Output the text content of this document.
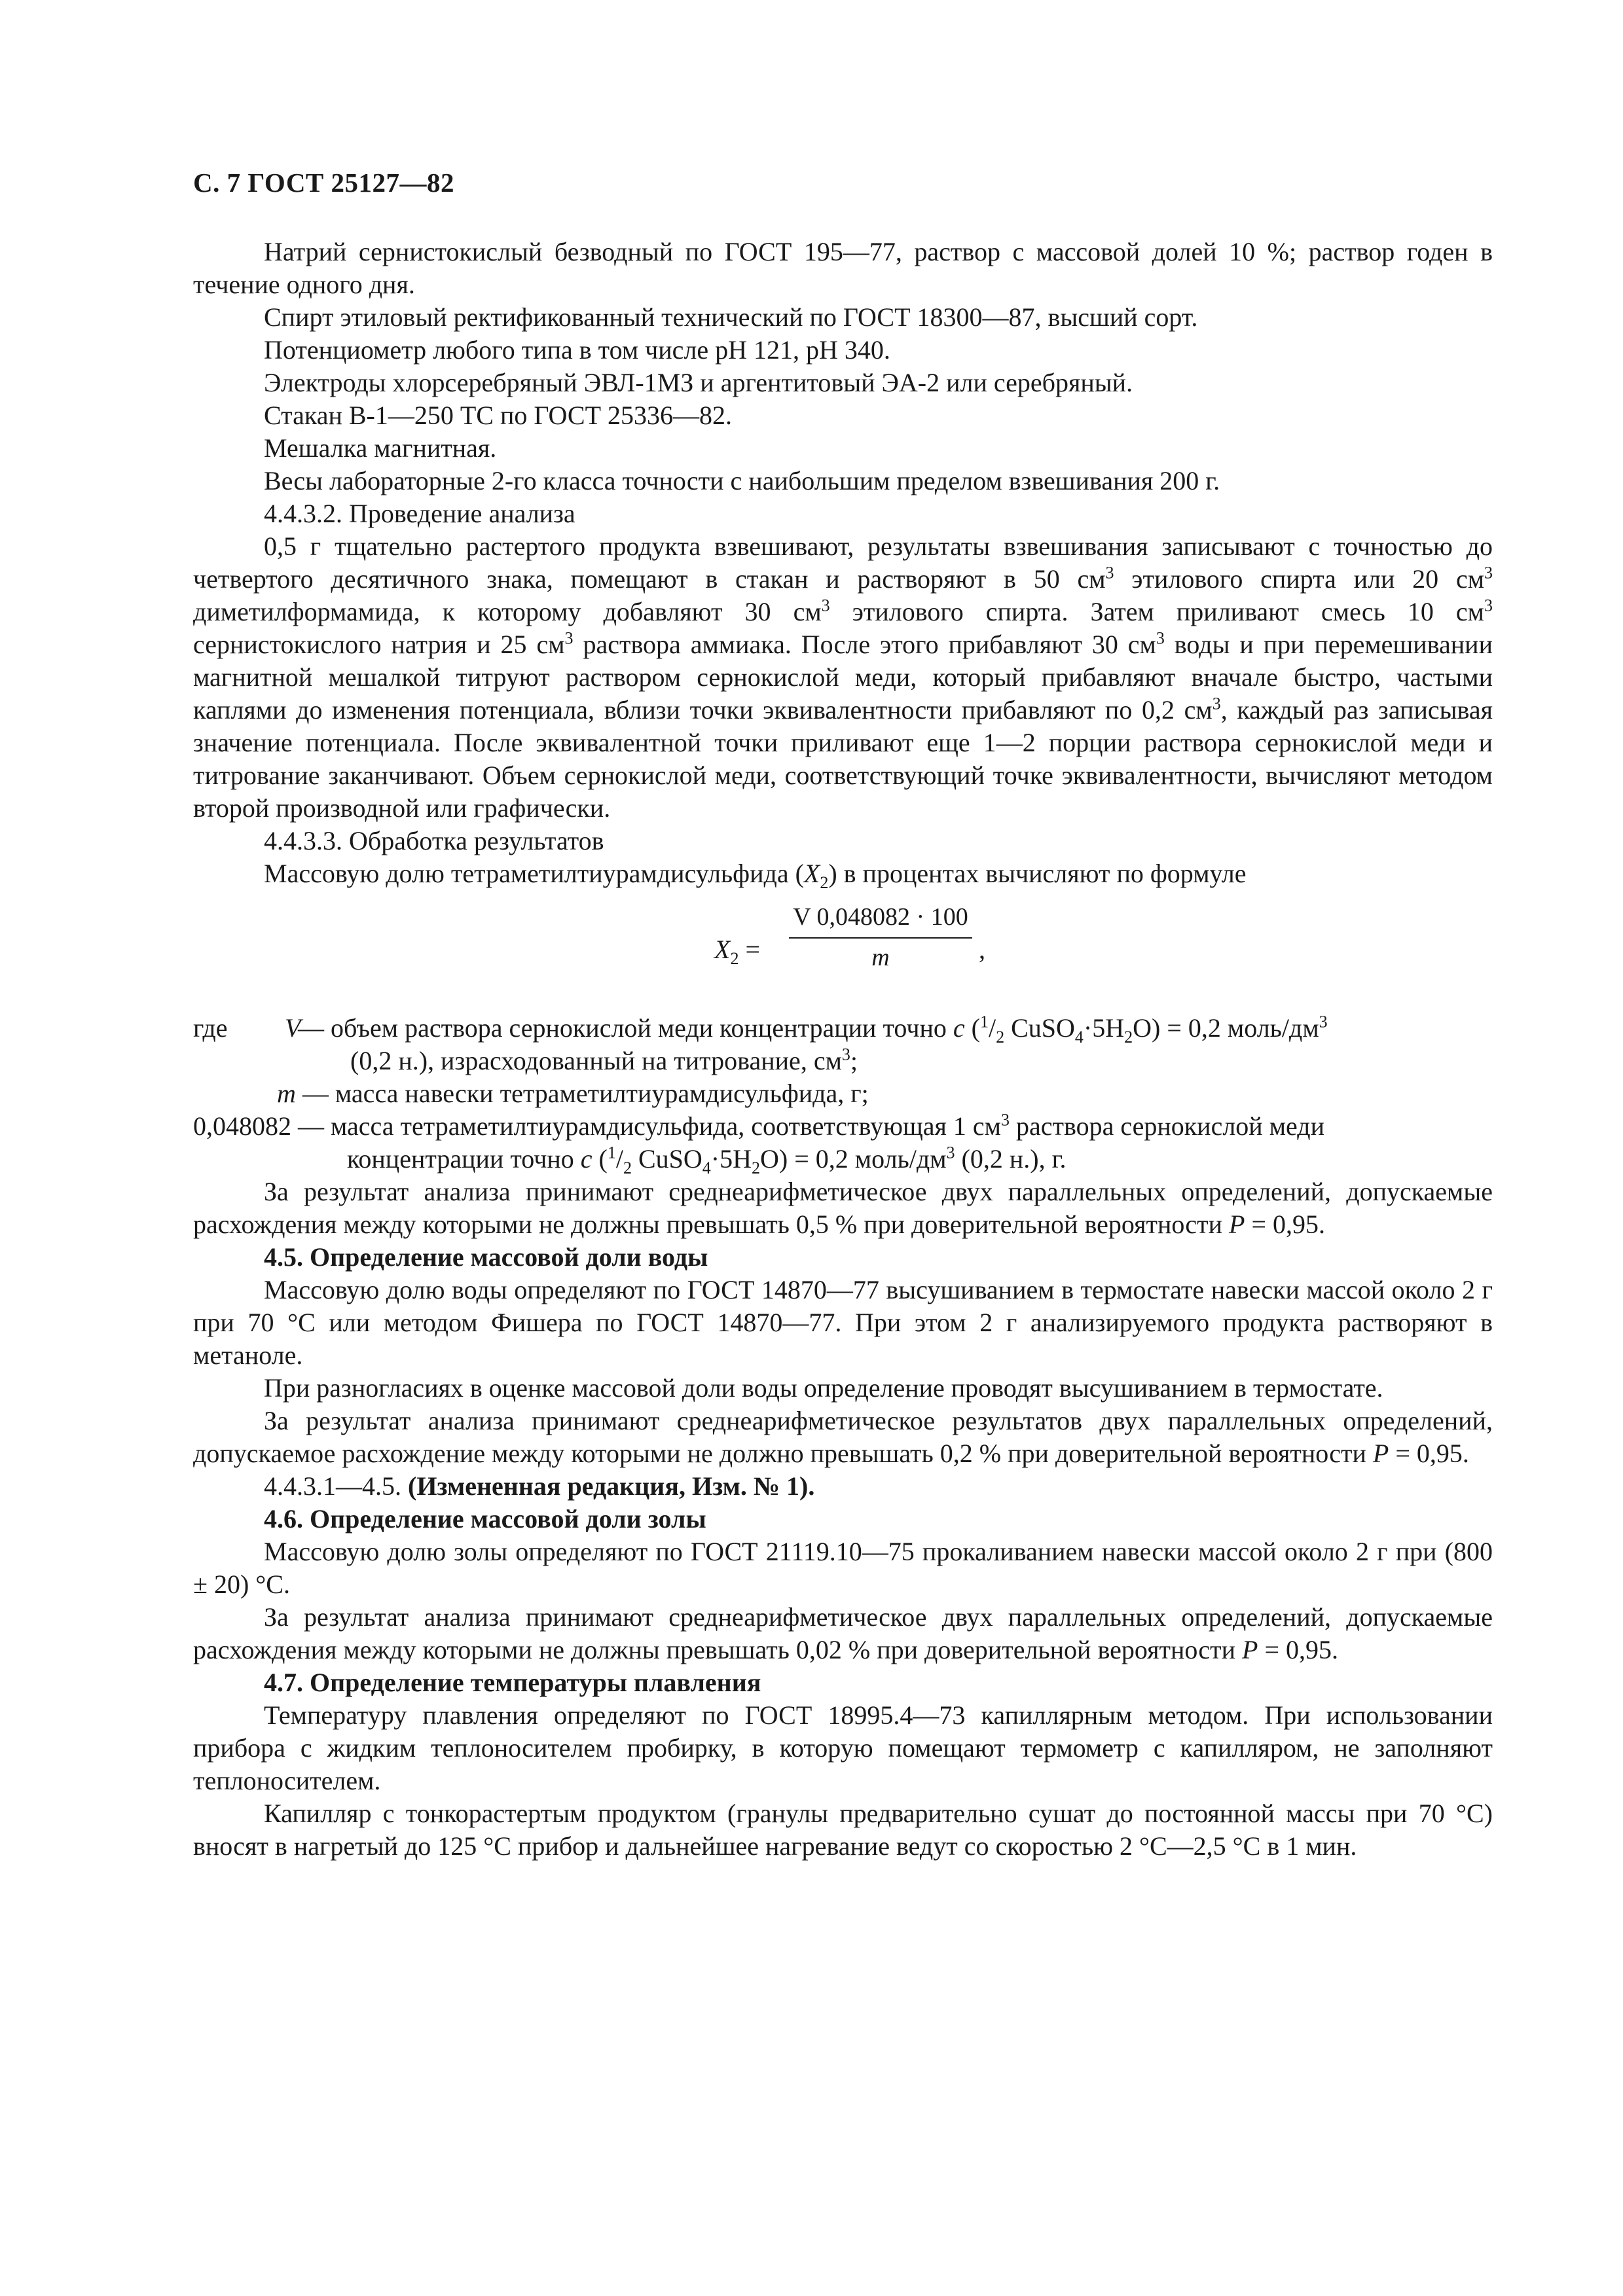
С. 7 ГОСТ 25127—82

Натрий сернистокислый безводный по ГОСТ 195—77, раствор с массовой долей 10 %; раствор годен в течение одного дня.

Спирт этиловый ректификованный технический по ГОСТ 18300—87, высший сорт.

Потенциометр любого типа в том числе рН 121, рН 340.

Электроды хлорсеребряный ЭВЛ-1МЗ и аргентитовый ЭА-2 или серебряный.

Стакан В-1—250 ТС по ГОСТ 25336—82.

Мешалка магнитная.

Весы лабораторные 2-го класса точности с наибольшим пределом взвешивания 200 г.

4.4.3.2. Проведение анализа

0,5 г тщательно растертого продукта взвешивают, результаты взвешивания записывают с точностью до четвертого десятичного знака, помещают в стакан и растворяют в 50 $см^3$ этилового спирта или 20 $см^3$ диметилформамида, к которому добавляют 30 $см^3$ этилового спирта. Затем приливают смесь 10 $см^3$ сернистокислого натрия и 25 $см^3$ раствора аммиака. После этого прибавляют 30 $см^3$ воды и при перемешивании магнитной мешалкой титруют раствором сернокислой меди, который прибавляют вначале быстро, частыми каплями до изменения потенциала, вблизи точки эквивалентности прибавляют по 0,2 $см^3$, каждый раз записывая значение потенциала. После эквивалентной точки приливают еще 1—2 порции раствора сернокислой меди и титрование заканчивают. Объем сернокислой меди, соответствующий точке эквивалентности, вычисляют методом второй производной или графически.

4.4.3.3. Обработка результатов

Массовую долю тетраметилтиурамдисульфида $(X_2)$ в процентах вычисляют по формуле

$X_2$ =
V 0,048082 · 100
m	,
где V
— объем раствора сернокислой меди концентрации точно c ($^1/_2$ $CuSO_4\cdot 5H_2O) = 0,2$ моль/$дм^3$
(0,2 н.), израсходованный на титрование, $см^3$;
m — масса навески тетраметилтиурамдисульфида, г;
0,048082 — масса тетраметилтиурамдисульфида, соответствующая 1 $см^3$ раствора сернокислой меди
концентрации точно c ($^1/_2$ $CuSO_4\cdot 5H_2O) = 0,2$ моль/$дм^3$ (0,2 н.), г.

За результат анализа принимают среднеарифметическое двух параллельных определений, допускаемые расхождения между которыми не должны превышать 0,5 % при доверительной вероятности P = 0,95.

4.5. Определение массовой доли воды

Массовую долю воды определяют по ГОСТ 14870—77 высушиванием в термостате навески массой около 2 г при 70 °С или методом Фишера по ГОСТ 14870—77. При этом 2 г анализируемого продукта растворяют в метаноле.

При разногласиях в оценке массовой доли воды определение проводят высушиванием в термостате.

За результат анализа принимают среднеарифметическое результатов двух параллельных определений, допускаемое расхождение между которыми не должно превышать 0,2 % при доверительной вероятности P = 0,95.

4.4.3.1—4.5. (Измененная редакция, Изм. № 1).

4.6. Определение массовой доли золы

Массовую долю золы определяют по ГОСТ 21119.10—75 прокаливанием навески массой около 2 г при (800 ± 20) °С.

За результат анализа принимают среднеарифметическое двух параллельных определений, допускаемые расхождения между которыми не должны превышать 0,02 % при доверительной вероятности P = 0,95.

4.7. Определение температуры плавления

Температуру плавления определяют по ГОСТ 18995.4—73 капиллярным методом. При использовании прибора с жидким теплоносителем пробирку, в которую помещают термометр с капилляром, не заполняют теплоносителем.

Капилляр с тонкорастертым продуктом (гранулы предварительно сушат до постоянной массы при 70 °С) вносят в нагретый до 125 °С прибор и дальнейшее нагревание ведут со скоростью 2 °С—2,5 °С в 1 мин.
